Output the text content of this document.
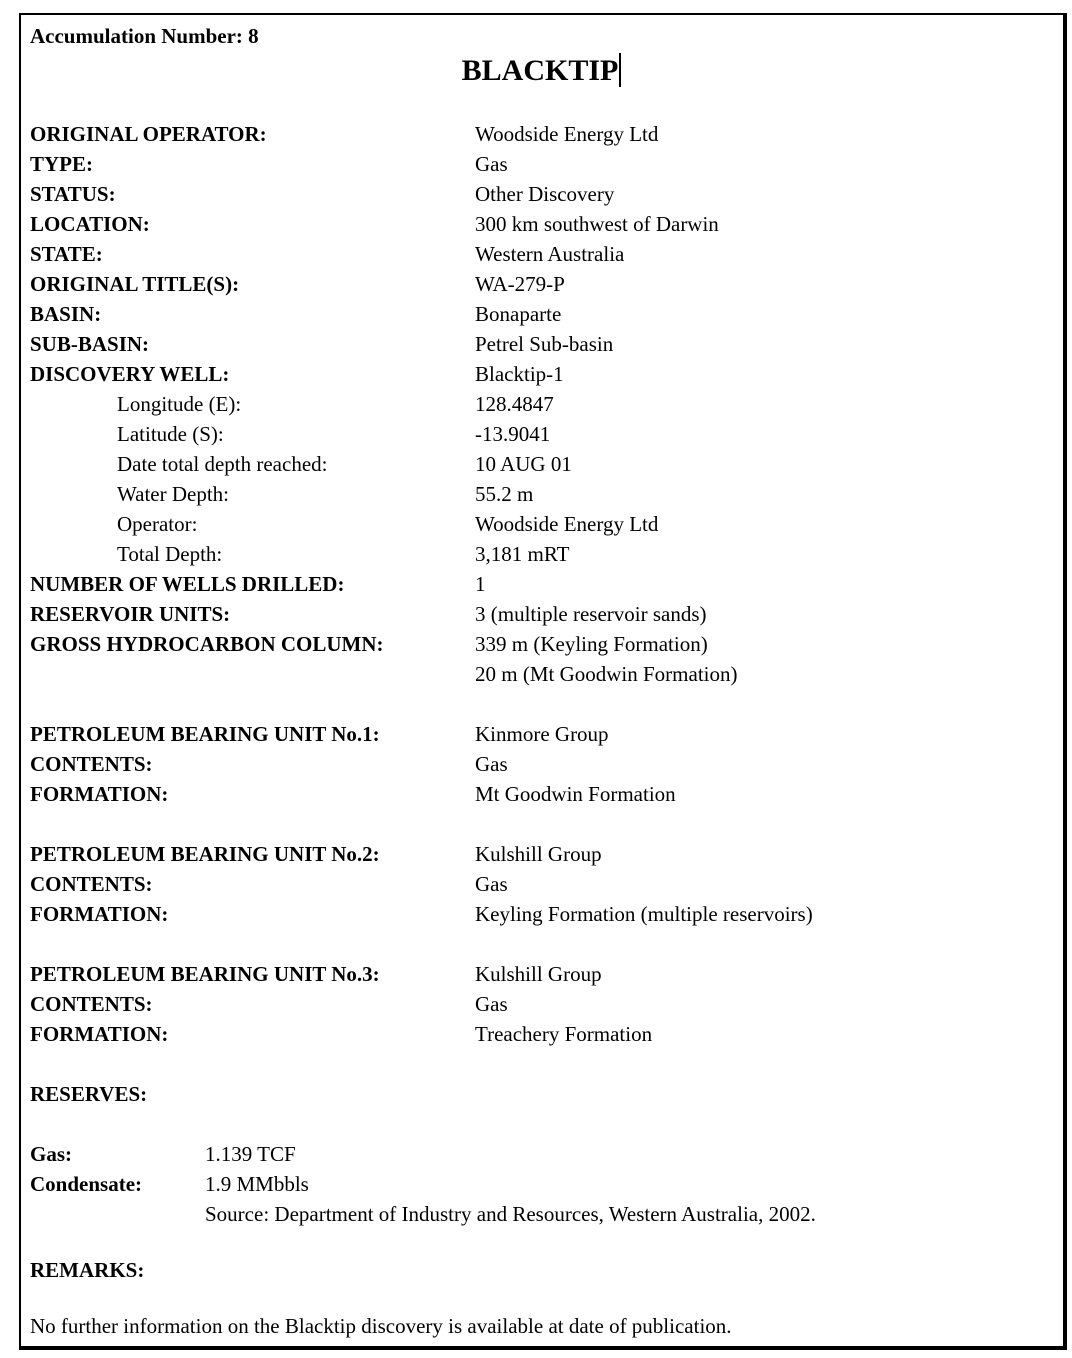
Accumulation Number: 8
BLACKTIP
ORIGINAL OPERATOR:	Woodside Energy Ltd
TYPE:	Gas
STATUS:	Other Discovery
LOCATION:	300 km southwest of Darwin
STATE:	Western Australia
ORIGINAL TITLE(S):	WA-279-P
BASIN:	Bonaparte
SUB-BASIN:	Petrel Sub-basin
DISCOVERY WELL:	Blacktip-1
Longitude (E):	128.4847
Latitude (S):	-13.9041
Date total depth reached:	10 AUG 01
Water Depth:	55.2 m
Operator:	Woodside Energy Ltd
Total Depth:	3,181 mRT
NUMBER OF WELLS DRILLED:	1
RESERVOIR UNITS:	3 (multiple reservoir sands)
GROSS HYDROCARBON COLUMN:	339 m (Keyling Formation)
20 m (Mt Goodwin Formation)
PETROLEUM BEARING UNIT No.1:	Kinmore Group
CONTENTS:	Gas
FORMATION:	Mt Goodwin Formation
PETROLEUM BEARING UNIT No.2:	Kulshill Group
CONTENTS:	Gas
FORMATION:	Keyling Formation (multiple reservoirs)
PETROLEUM BEARING UNIT No.3:	Kulshill Group
CONTENTS:	Gas
FORMATION:	Treachery Formation
RESERVES:
Gas:	1.139 TCF
Condensate:	1.9 MMbbls
Source: Department of Industry and Resources, Western Australia, 2002.
REMARKS:
No further information on the Blacktip discovery is available at date of publication.
